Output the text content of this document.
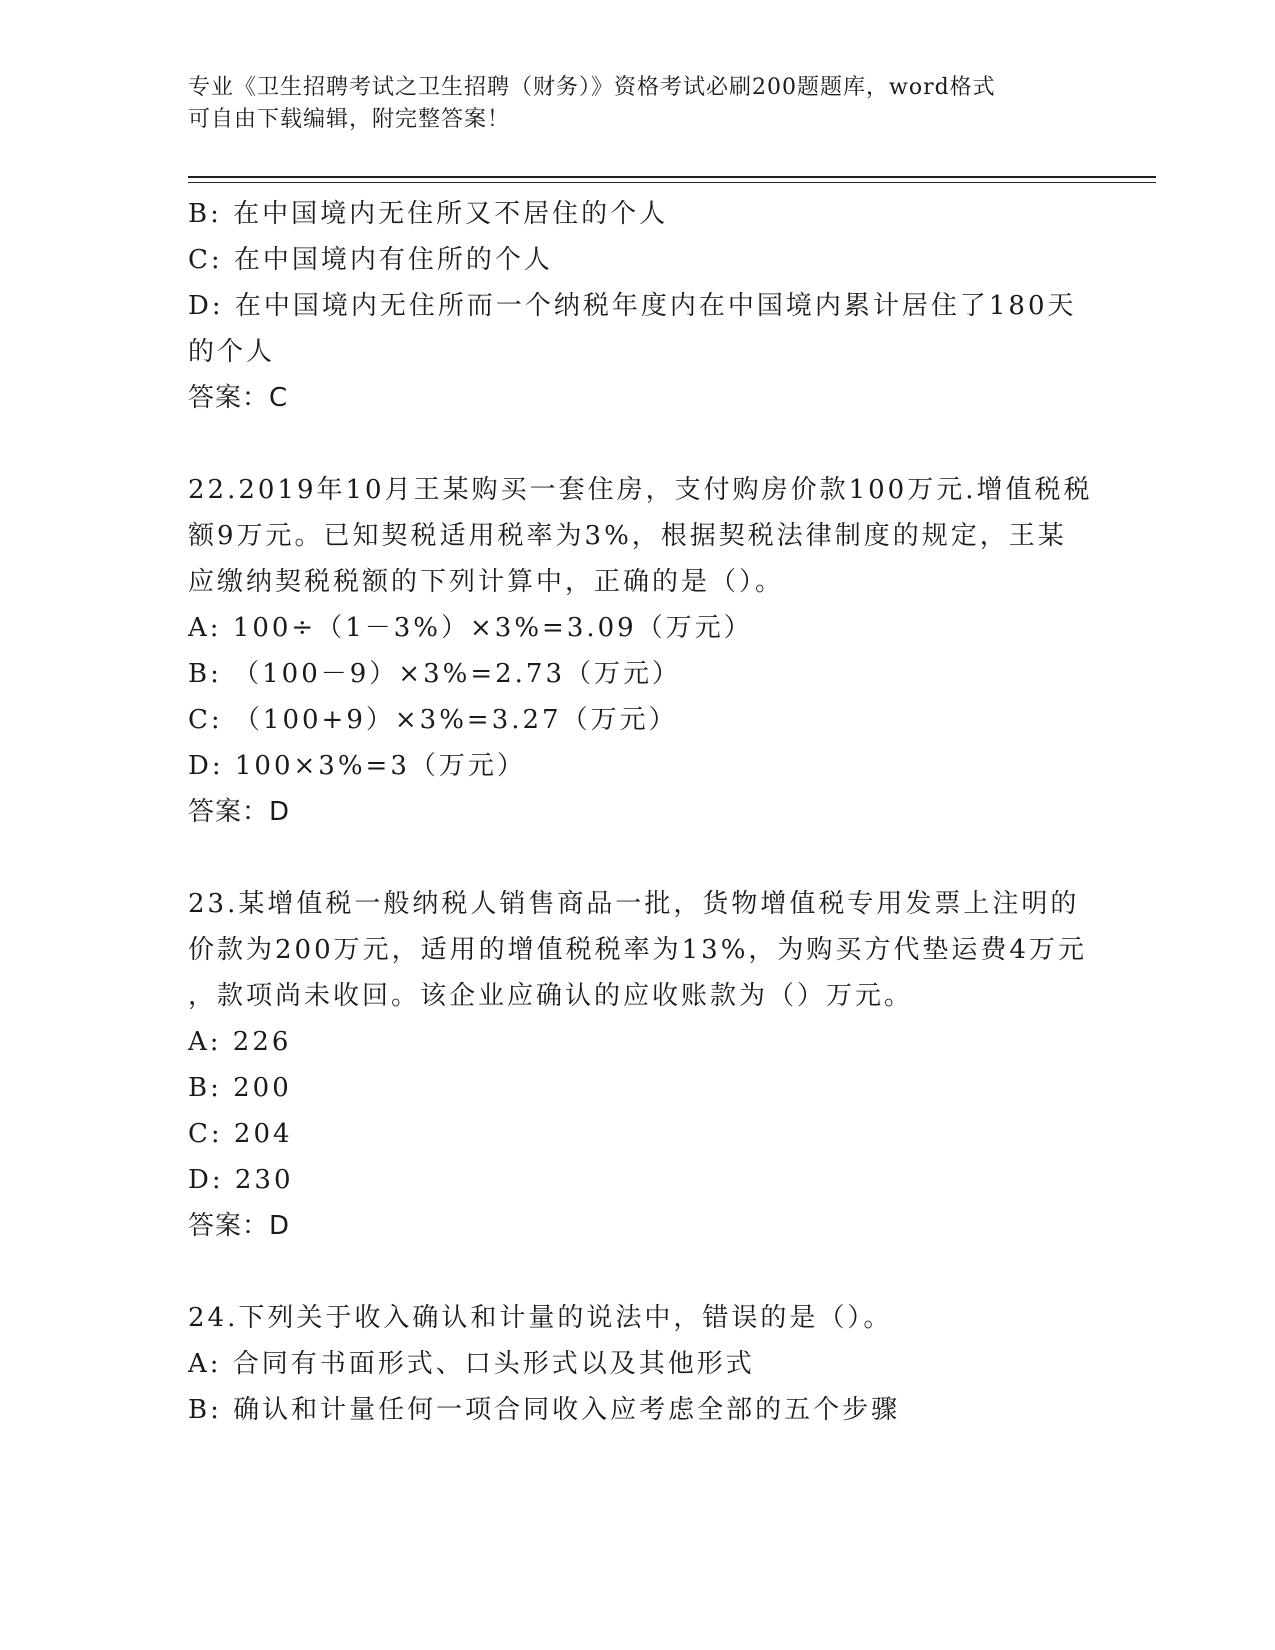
专业《卫生招聘考试之卫生招聘（财务）》资格考试必刷200题题库，word格式
可自由下载编辑，附完整答案！
B: 在中国境内无住所又不居住的个人
C: 在中国境内有住所的个人
D: 在中国境内无住所而一个纳税年度内在中国境内累计居住了180天
的个人
答案：C
22.2019年10月王某购买一套住房，支付购房价款100万元.增值税税
额9万元。已知契税适用税率为3%，根据契税法律制度的规定，王某
应缴纳契税税额的下列计算中，正确的是（）。
A: 100÷（1－3%）×3%=3.09（万元）
B: （100－9）×3%=2.73（万元）
C: （100+9）×3%=3.27（万元）
D: 100×3%=3（万元）
答案：D
23.某增值税一般纳税人销售商品一批，货物增值税专用发票上注明的
价款为200万元，适用的增值税税率为13%，为购买方代垫运费4万元
，款项尚未收回。该企业应确认的应收账款为（）万元。
A: 226
B: 200
C: 204
D: 230
答案：D
24.下列关于收入确认和计量的说法中，错误的是（）。
A: 合同有书面形式、口头形式以及其他形式
B: 确认和计量任何一项合同收入应考虑全部的五个步骤
